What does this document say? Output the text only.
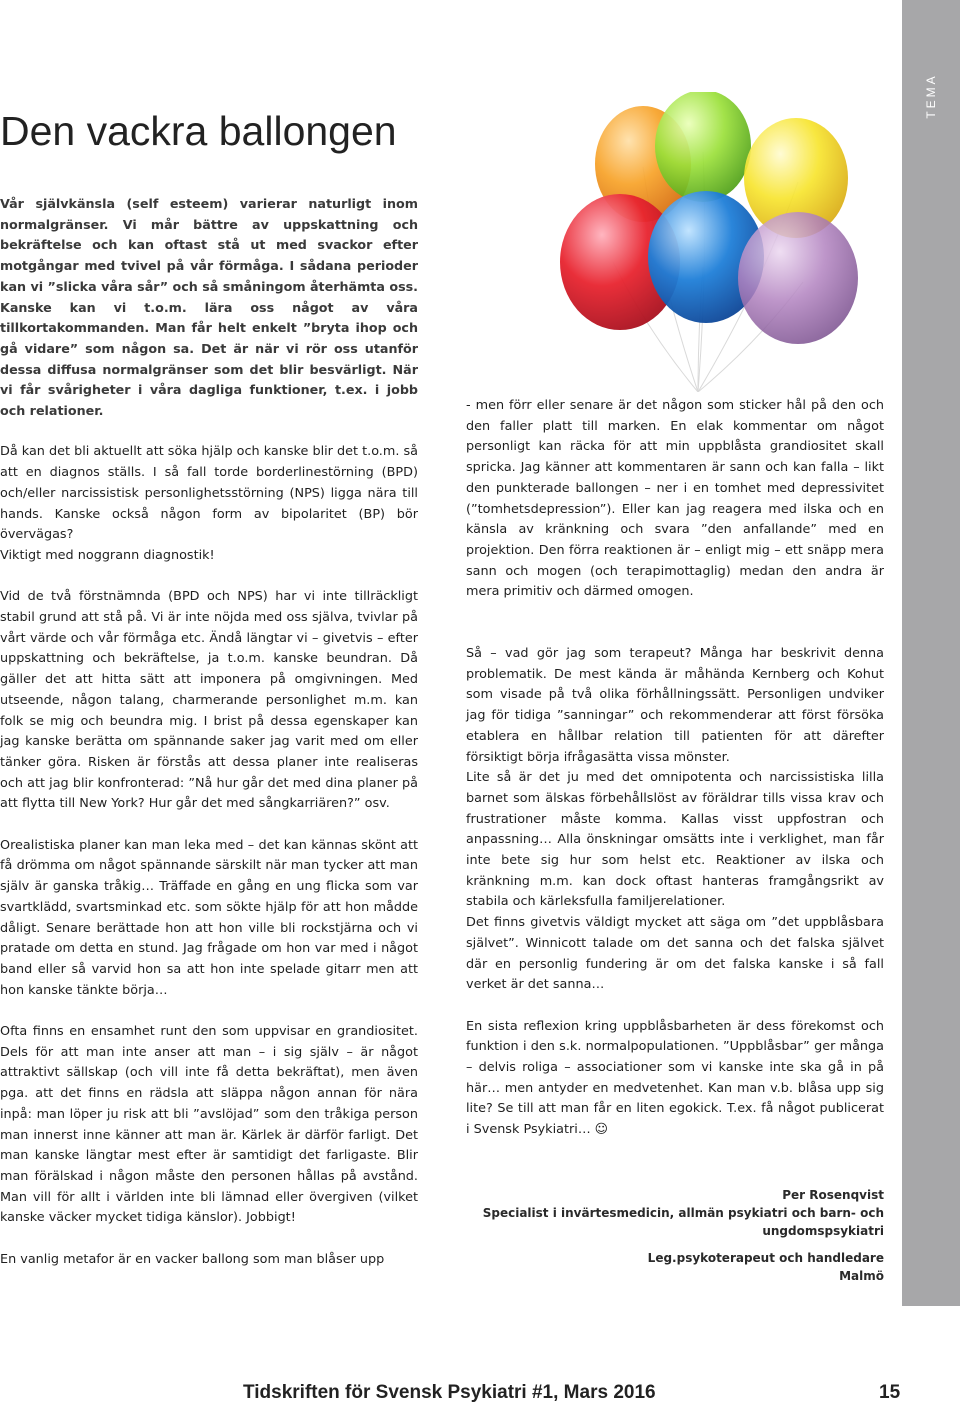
TEMA
Den vackra ballongen

Vår självkänsla (self esteem) varierar naturligt inom normalgränser. Vi mår bättre av uppskattning och bekräftelse och kan oftast stå ut med svackor efter motgångar med tvivel på vår förmåga. I sådana perioder kan vi ”slicka våra sår” och så småningom återhämta oss. Kanske kan vi t.o.m. lära oss något av våra tillkortakommanden. Man får helt enkelt ”bryta ihop och gå vidare” som någon sa. Det är när vi rör oss utanför dessa diffusa normalgränser som det blir besvärligt. När vi får svårigheter i våra dagliga funktioner, t.ex. i jobb och relationer.

Då kan det bli aktuellt att söka hjälp och kanske blir det t.o.m. så att en diagnos ställs. I så fall torde borderlinestörning (BPD) och/eller narcissistisk personlighetsstörning (NPS) ligga nära till hands. Kanske också någon form av bipolaritet (BP) bör övervägas?

Viktigt med noggrann diagnostik!

Vid de två förstnämnda (BPD och NPS) har vi inte tillräckligt stabil grund att stå på. Vi är inte nöjda med oss själva, tvivlar på vårt värde och vår förmåga etc. Ändå längtar vi – givetvis – efter uppskattning och bekräftelse, ja t.o.m. kanske beundran. Då gäller det att hitta sätt att imponera på omgivningen. Med utseende, någon talang, charmerande personlighet m.m. kan folk se mig och beundra mig. I brist på dessa egenskaper kan jag kanske berätta om spännande saker jag varit med om eller tänker göra. Risken är förstås att dessa planer inte realiseras och att jag blir konfronterad: ”Nå hur går det med dina planer på att flytta till New York? Hur går det med sångkarriären?” osv.

Orealistiska planer kan man leka med – det kan kännas skönt att få drömma om något spännande särskilt när man tycker att man själv är ganska tråkig… Träffade en gång en ung flicka som var svartklädd, svartsminkad etc. som sökte hjälp för att hon mådde dåligt. Senare berättade hon att hon ville bli rockstjärna och vi pratade om detta en stund. Jag frågade om hon var med i något band eller så varvid hon sa att hon inte spelade gitarr men att hon kanske tänkte börja…

Ofta finns en ensamhet runt den som uppvisar en grandiositet. Dels för att man inte anser att man – i sig själv – är något attraktivt sällskap (och vill inte få detta bekräftat), men även pga. att det finns en rädsla att släppa någon annan för nära inpå: man löper ju risk att bli ”avslöjad” som den tråkiga person man innerst inne känner att man är. Kärlek är därför farligt. Det man kanske längtar mest efter är samtidigt det farligaste. Blir man förälskad i någon måste den personen hållas på avstånd. Man vill för allt i världen inte bli lämnad eller övergiven (vilket kanske väcker mycket tidiga känslor). Jobbigt!

En vanlig metafor är en vacker ballong som man blåser upp

- men förr eller senare är det någon som sticker hål på den och den faller platt till marken. En elak kommentar om något personligt kan räcka för att min uppblåsta grandiositet skall spricka. Jag känner att kommentaren är sann och kan falla – likt den punkterade ballongen – ner i en tomhet med depressivitet (”tomhetsdepression”). Eller kan jag reagera med ilska och en känsla av kränkning och svara ”den anfallande” med en projektion. Den förra reaktionen är – enligt mig – ett snäpp mera sann och mogen (och terapimottaglig) medan den andra är mera primitiv och därmed omogen.

Så – vad gör jag som terapeut? Många har beskrivit denna problematik. De mest kända är måhända Kernberg och Kohut som visade på två olika förhållningssätt. Personligen undviker jag för tidiga ”sanningar” och rekommenderar att först försöka etablera en hållbar relation till patienten för att därefter försiktigt börja ifrågasätta vissa mönster.

Lite så är det ju med det omnipotenta och narcissistiska lilla barnet som älskas förbehållslöst av föräldrar tills vissa krav och frustrationer måste komma. Kallas visst uppfostran och anpassning… Alla önskningar omsätts inte i verklighet, man får inte bete sig hur som helst etc. Reaktioner av ilska och kränkning m.m. kan dock oftast hanteras framgångsrikt av stabila och kärleksfulla familjerelationer.

Det finns givetvis väldigt mycket att säga om ”det uppblåsbara självet”. Winnicott talade om det sanna och det falska självet där en personlig fundering är om det falska kanske i så fall verket är det sanna…

En sista reflexion kring uppblåsbarheten är dess förekomst och funktion i den s.k. normalpopulationen. ”Uppblåsbar” ger många – delvis roliga – associationer som vi kanske inte ska gå in på här… men antyder en medvetenhet. Kan man v.b. blåsa upp sig lite? Se till att man får en liten egokick. T.ex. få något publicerat i Svensk Psykiatri… ☺

Per Rosenqvist

Specialist i invärtesmedicin, allmän psykiatri och barn- och ungdomspsykiatri

Leg.psykoterapeut och handledare

Malmö

Tidskriften för Svensk Psykiatri #1, Mars 2016	15
